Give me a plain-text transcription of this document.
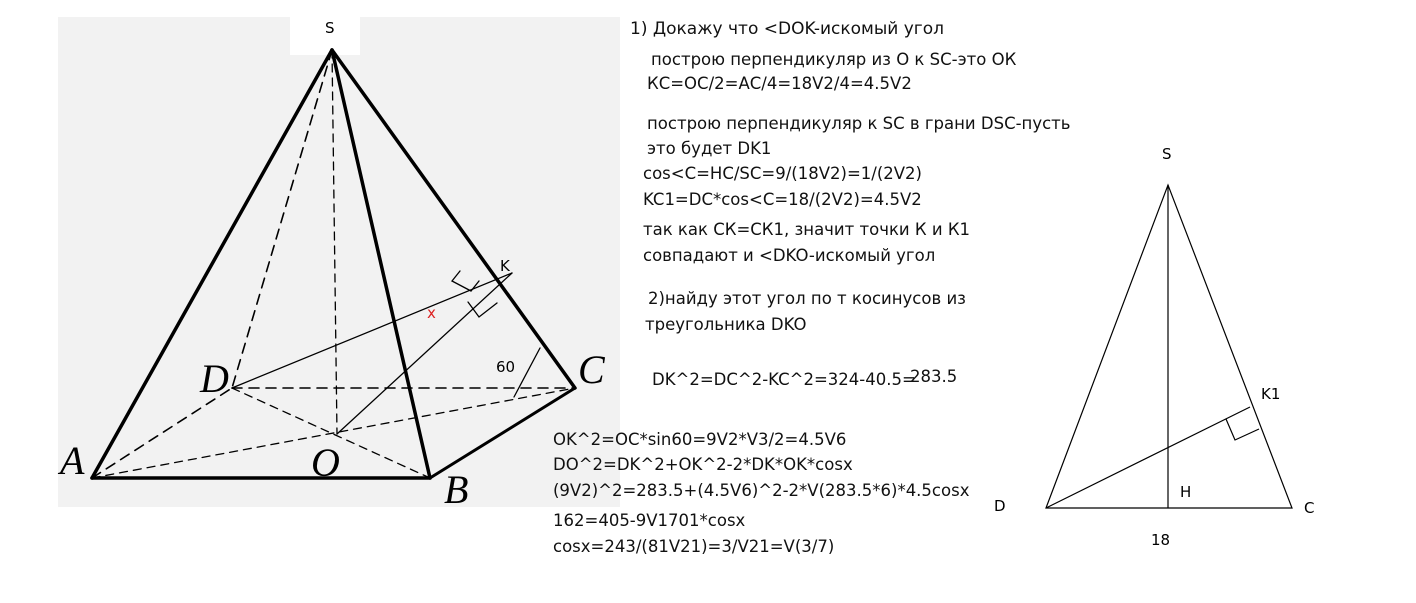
S
A
B
C
D
O
K
x
60
S
D	C
H
K1
18
1) Докажу что <DOK-искомый угол
построю перпендикуляр из О к SC-это ОК
КС=ОС/2=АС/4=18V2/4=4.5V2
построю перпендикуляр к SC в грани DSC-пусть
это будет DK1
cos<C=HC/SC=9/(18V2)=1/(2V2)
KC1=DC*cos<C=18/(2V2)=4.5V2
так как СК=СК1, значит точки К и К1
совпадают и <DKO-искомый угол
2)найду этот угол по т косинусов из
треугольника DKO
DK^2=DC^2-KC^2=324-40.5=
283.5
OK^2=OC*sin60=9V2*V3/2=4.5V6
DO^2=DK^2+OK^2-2*DK*OK*cosx
(9V2)^2=283.5+(4.5V6)^2-2*V(283.5*6)*4.5cosx
162=405-9V1701*cosx
cosx=243/(81V21)=3/V21=V(3/7)
